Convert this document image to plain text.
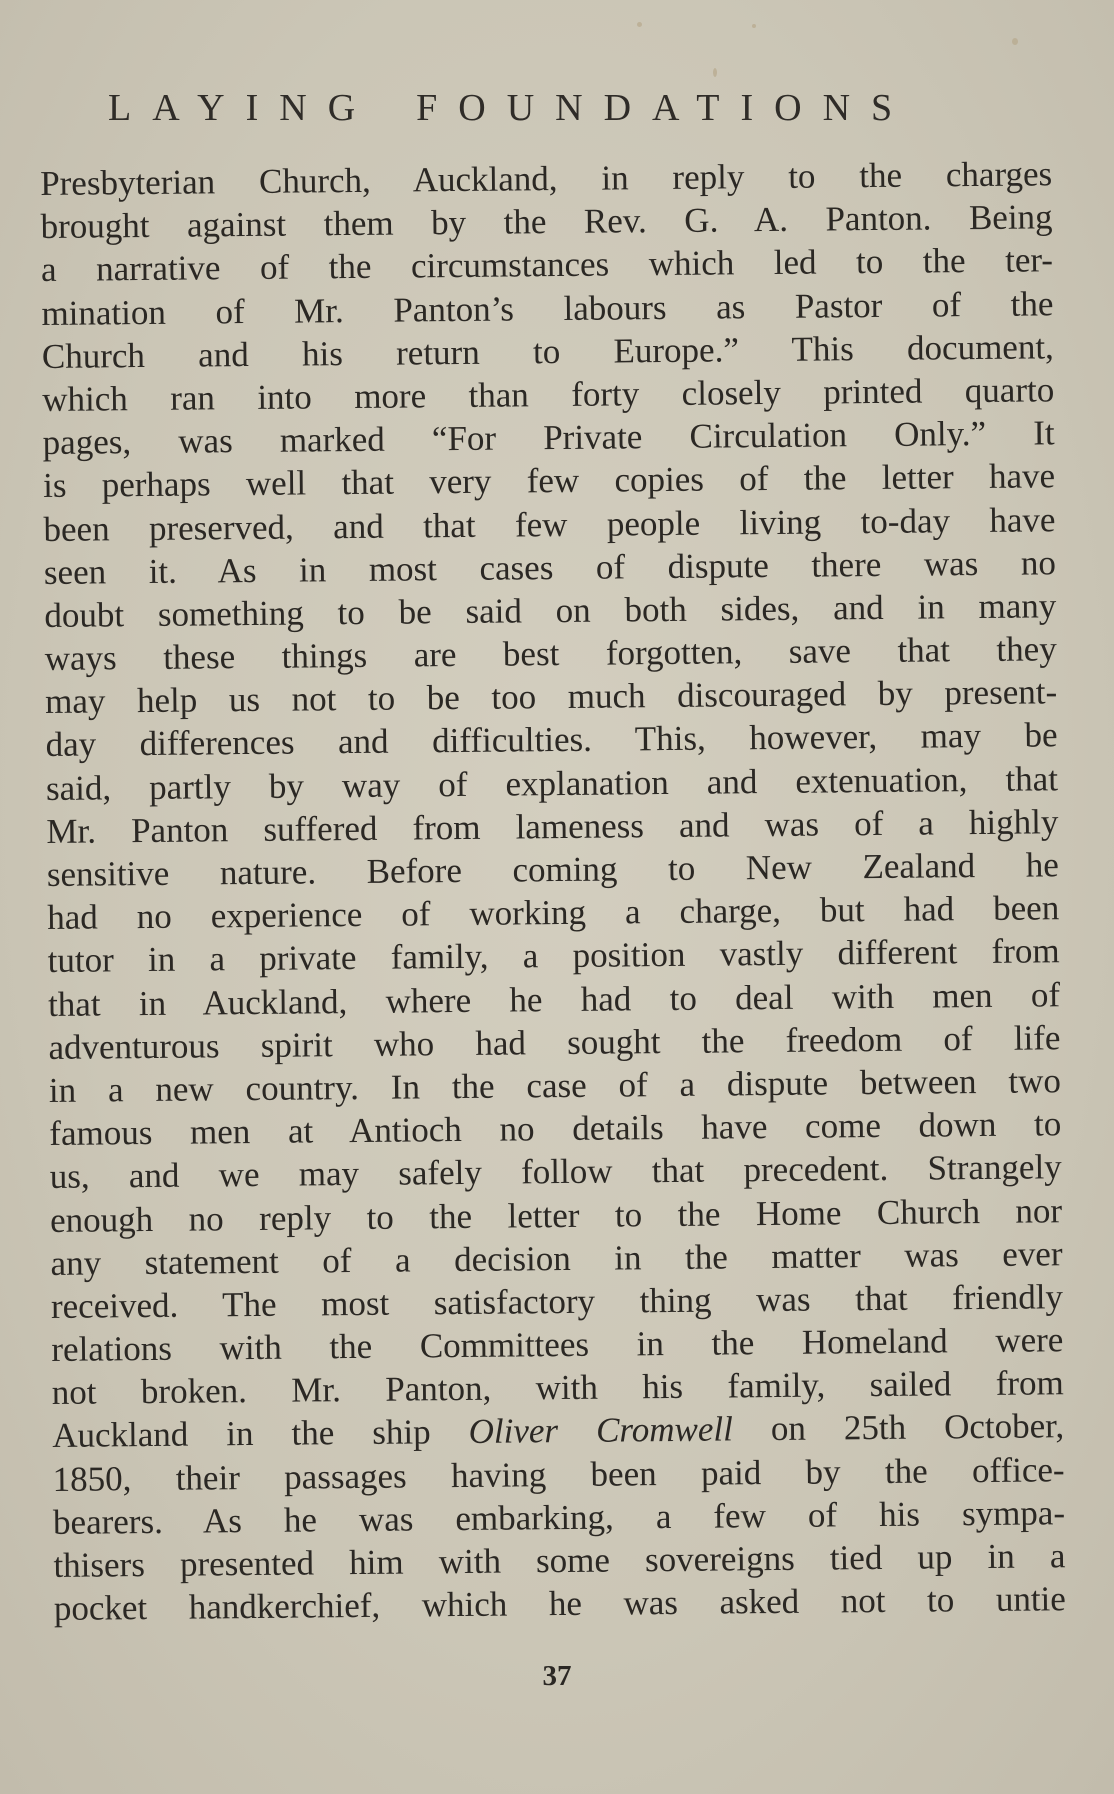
LAYING FOUNDATIONS
Presbyterian Church, Auckland, in reply to the charges
brought against them by the Rev. G. A. Panton. Being
a narrative of the circumstances which led to the ter-
mination of Mr. Panton’s labours as Pastor of the
Church and his return to Europe.” This document,
which ran into more than forty closely printed quarto
pages, was marked “For Private Circulation Only.” It
is perhaps well that very few copies of the letter have
been preserved, and that few people living to-day have
seen it. As in most cases of dispute there was no
doubt something to be said on both sides, and in many
ways these things are best forgotten, save that they
may help us not to be too much discouraged by present-
day differences and difficulties. This, however, may be
said, partly by way of explanation and extenuation, that
Mr. Panton suffered from lameness and was of a highly
sensitive nature. Before coming to New Zealand he
had no experience of working a charge, but had been
tutor in a private family, a position vastly different from
that in Auckland, where he had to deal with men of
adventurous spirit who had sought the freedom of life
in a new country. In the case of a dispute between two
famous men at Antioch no details have come down to
us, and we may safely follow that precedent. Strangely
enough no reply to the letter to the Home Church nor
any statement of a decision in the matter was ever
received. The most satisfactory thing was that friendly
relations with the Committees in the Homeland were
not broken. Mr. Panton, with his family, sailed from
Auckland in the ship Oliver Cromwell on 25th October,
1850, their passages having been paid by the office-
bearers. As he was embarking, a few of his sympa-
thisers presented him with some sovereigns tied up in a
pocket handkerchief, which he was asked not to untie
37
